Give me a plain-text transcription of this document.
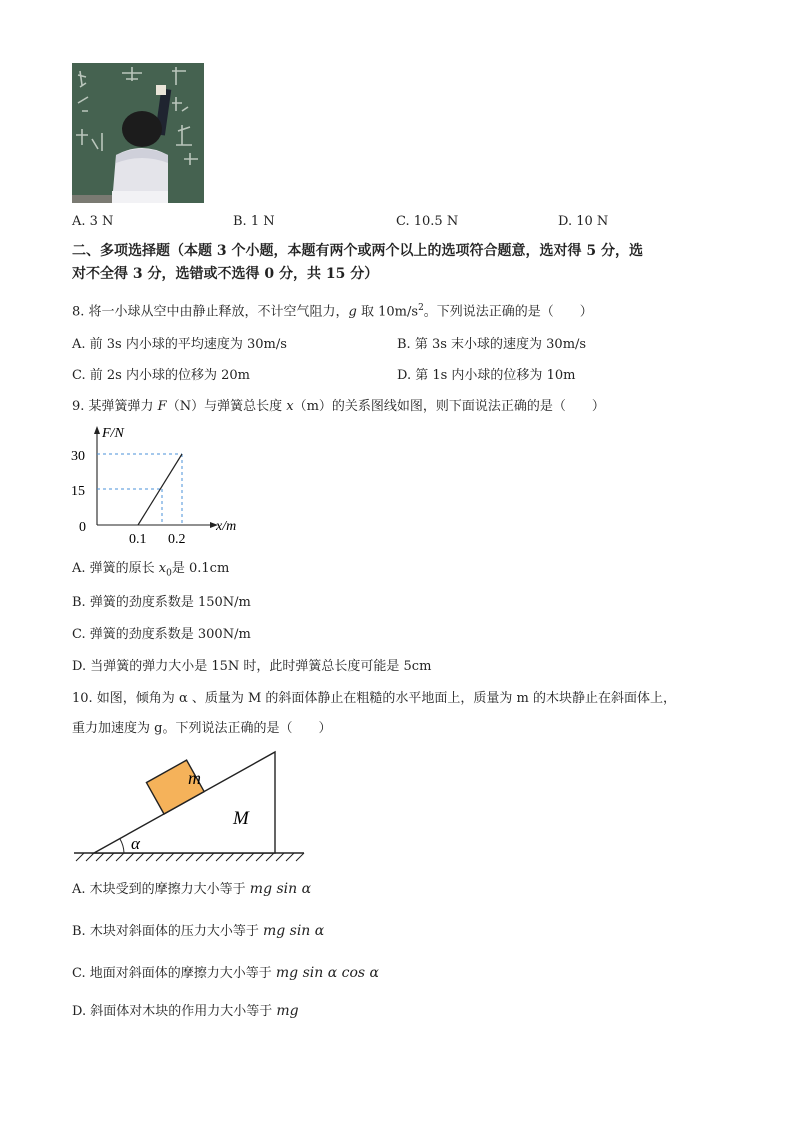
A. 3 N	B. 1 N	C. 10.5 N	D. 10 N
二、多项选择题（本题 3 个小题，本题有两个或两个以上的选项符合题意，选对得 5 分，选
对不全得 3 分，选错或不选得 0 分，共 15 分）
8. 将一小球从空中由静止释放，不计空气阻力，g 取 $10m/s^2$。下列说法正确的是（　　）
A. 前 3s 内小球的平均速度为 30m/s	B. 第 3s 末小球的速度为 30m/s
C. 前 2s 内小球的位移为 20m	D. 第 1s 内小球的位移为 10m
9. 某弹簧弹力 F（N）与弹簧总长度 x（m）的关系图线如图，则下面说法正确的是（　　）
F/N
x/m
30
15
0
0.1 0.2
A. 弹簧的原长 $x_0$是 0.1cm
B. 弹簧的劲度系数是 150N/m
C. 弹簧的劲度系数是 300N/m
D. 当弹簧的弹力大小是 15N 时，此时弹簧总长度可能是 5cm
10. 如图，倾角为 α 、质量为 M 的斜面体静止在粗糙的水平地面上，质量为 m 的木块静止在斜面体上，
重力加速度为 g。下列说法正确的是（　　）
m
M
α
A. 木块受到的摩擦力大小等于 mg sin α
B. 木块对斜面体的压力大小等于 mg sin α
C. 地面对斜面体的摩擦力大小等于 mg sin α cos α
D. 斜面体对木块的作用力大小等于 mg
